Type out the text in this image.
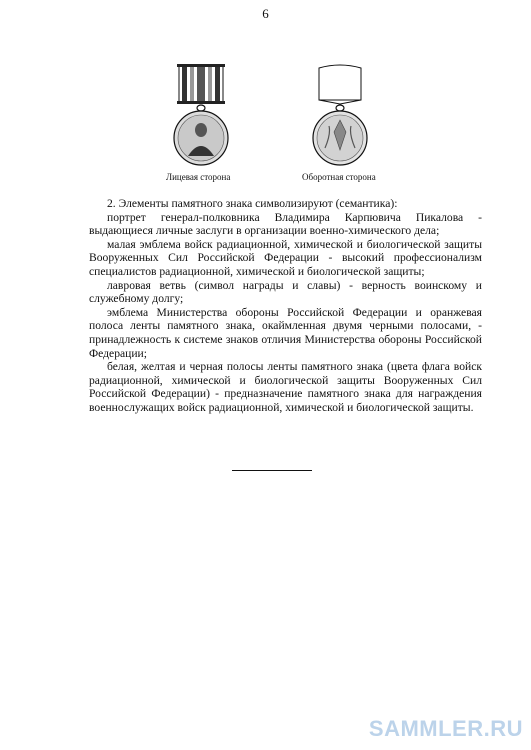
6
Лицевая сторона	Оборотная сторона

2. Элементы памятного знака символизируют (семантика):

портрет генерал-полковника Владимира Карпювича Пикалова - выдающиеся личные заслуги в организации военно-химического дела;

малая эмблема войск радиационной, химической и биологической защиты Вооруженных Сил Российской Федерации - высокий профессионализм специалистов радиационной, химической и биологической защиты;

лавровая ветвь (символ награды и славы) - верность воинскому и служебному долгу;

эмблема Министерства обороны Российской Федерации и оранжевая полоса ленты памятного знака, окаймленная двумя черными полосами, - принадлежность к системе знаков отличия Министерства обороны Российской Федерации;

белая, желтая и черная полосы ленты памятного знака (цвета флага войск радиационной, химической и биологической защиты Вооруженных Сил Российской Федерации) - предназначение памятного знака для награждения военнослужащих войск радиационной, химической и биологической защиты.

SAMMLER.RU
